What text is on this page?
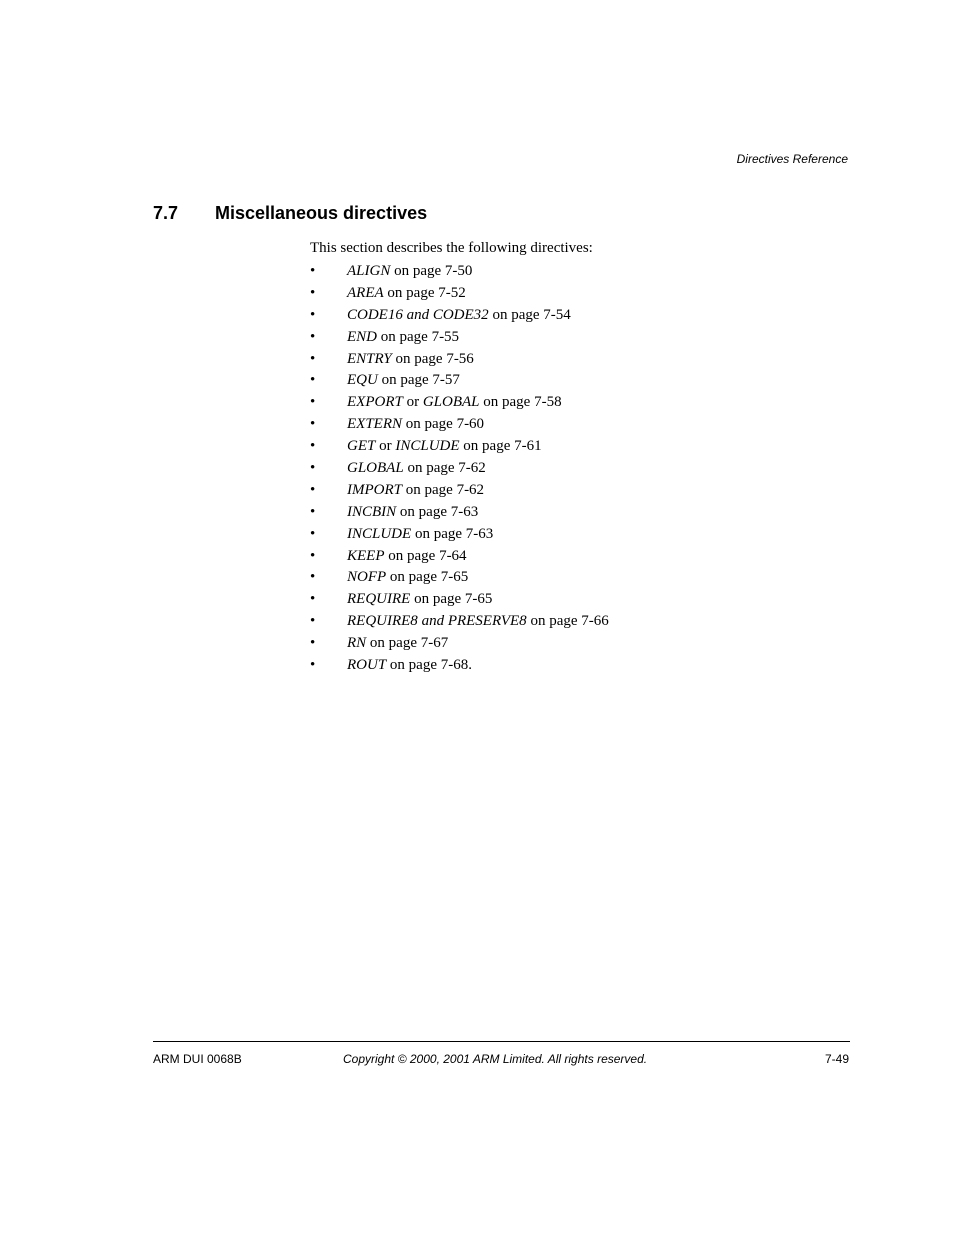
Directives Reference
7.7 Miscellaneous directives
This section describes the following directives:
• ALIGN on page 7-50
• AREA on page 7-52
• CODE16 and CODE32 on page 7-54
• END on page 7-55
• ENTRY on page 7-56
• EQU on page 7-57
• EXPORT or GLOBAL on page 7-58
• EXTERN on page 7-60
• GET or INCLUDE on page 7-61
• GLOBAL on page 7-62
• IMPORT on page 7-62
• INCBIN on page 7-63
• INCLUDE on page 7-63
• KEEP on page 7-64
• NOFP on page 7-65
• REQUIRE on page 7-65
• REQUIRE8 and PRESERVE8 on page 7-66
• RN on page 7-67
• ROUT on page 7-68.
ARM DUI 0068B	Copyright © 2000, 2001 ARM Limited. All rights reserved.	7-49
